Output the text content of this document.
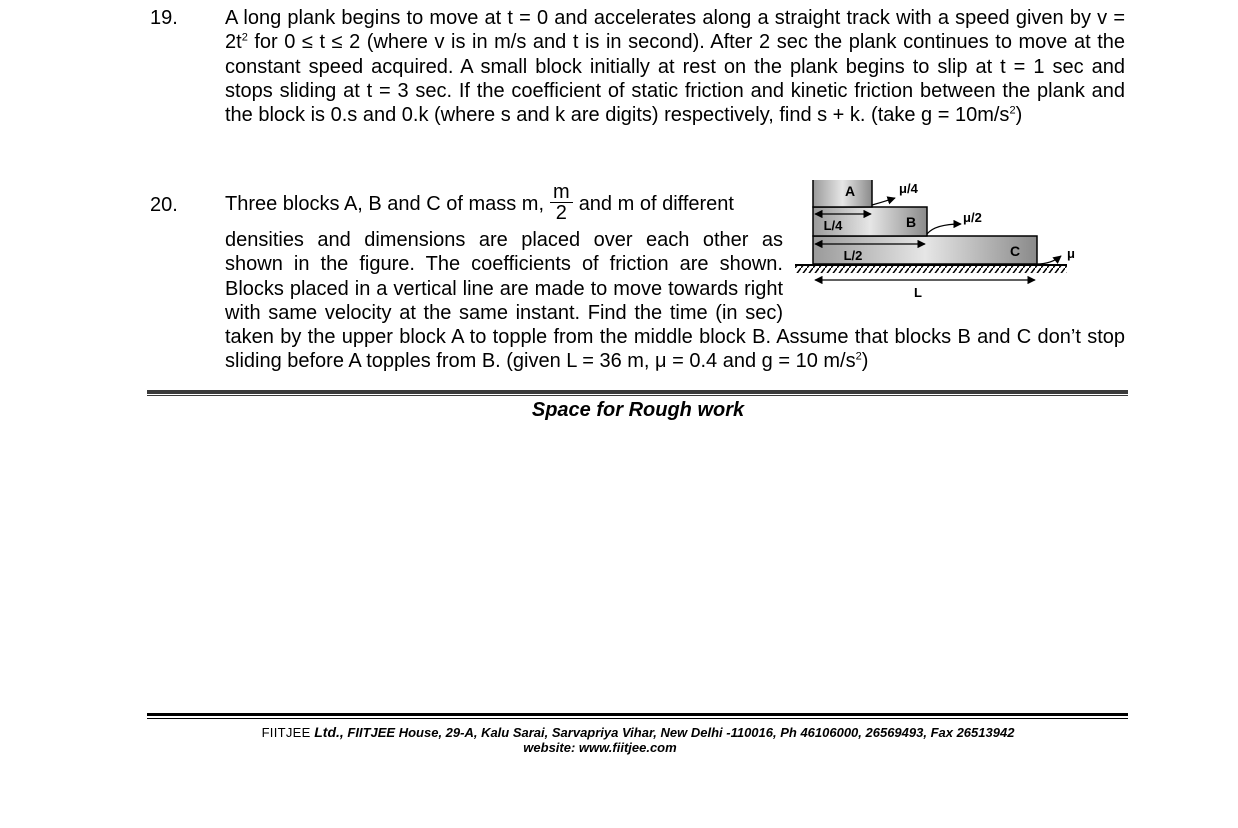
19. A long plank begins to move at t = 0 and accelerates along a straight track with a speed given by $v = 2t^2$ for 0 ≤ t ≤ 2 (where v is in m/s and t is in second). After 2 sec the plank continues to move at the constant speed acquired. A small block initially at rest on the plank begins to slip at t = 1 sec and stops sliding at t = 3 sec. If the coefficient of static friction and kinetic friction between the plank and the block is 0.s and 0.k (where s and k are digits) respectively, find s + k. (take $g = 10m/s^2$)

20.
A
B
C
μ/4
μ/2
μ
L/4
L/2
L

Three blocks A, B and C of mass m, $\frac{m}{2}$ and m of different
densities and dimensions are placed over each other as shown in the figure. The coefficients of friction are shown. Blocks placed in a vertical line are made to move towards right with same velocity at the same instant. Find the time (in sec) taken by the upper block A to topple from the middle block B. Assume that blocks B and C don’t stop sliding before A topples from B. (given L = 36 m, μ = 0.4 and g = 10 $m/s^2$)

Space for Rough work
FIITJEE Ltd., FIITJEE House, 29-A, Kalu Sarai, Sarvapriya Vihar, New Delhi -110016, Ph 46106000, 26569493, Fax 26513942
website: www.fiitjee.com
